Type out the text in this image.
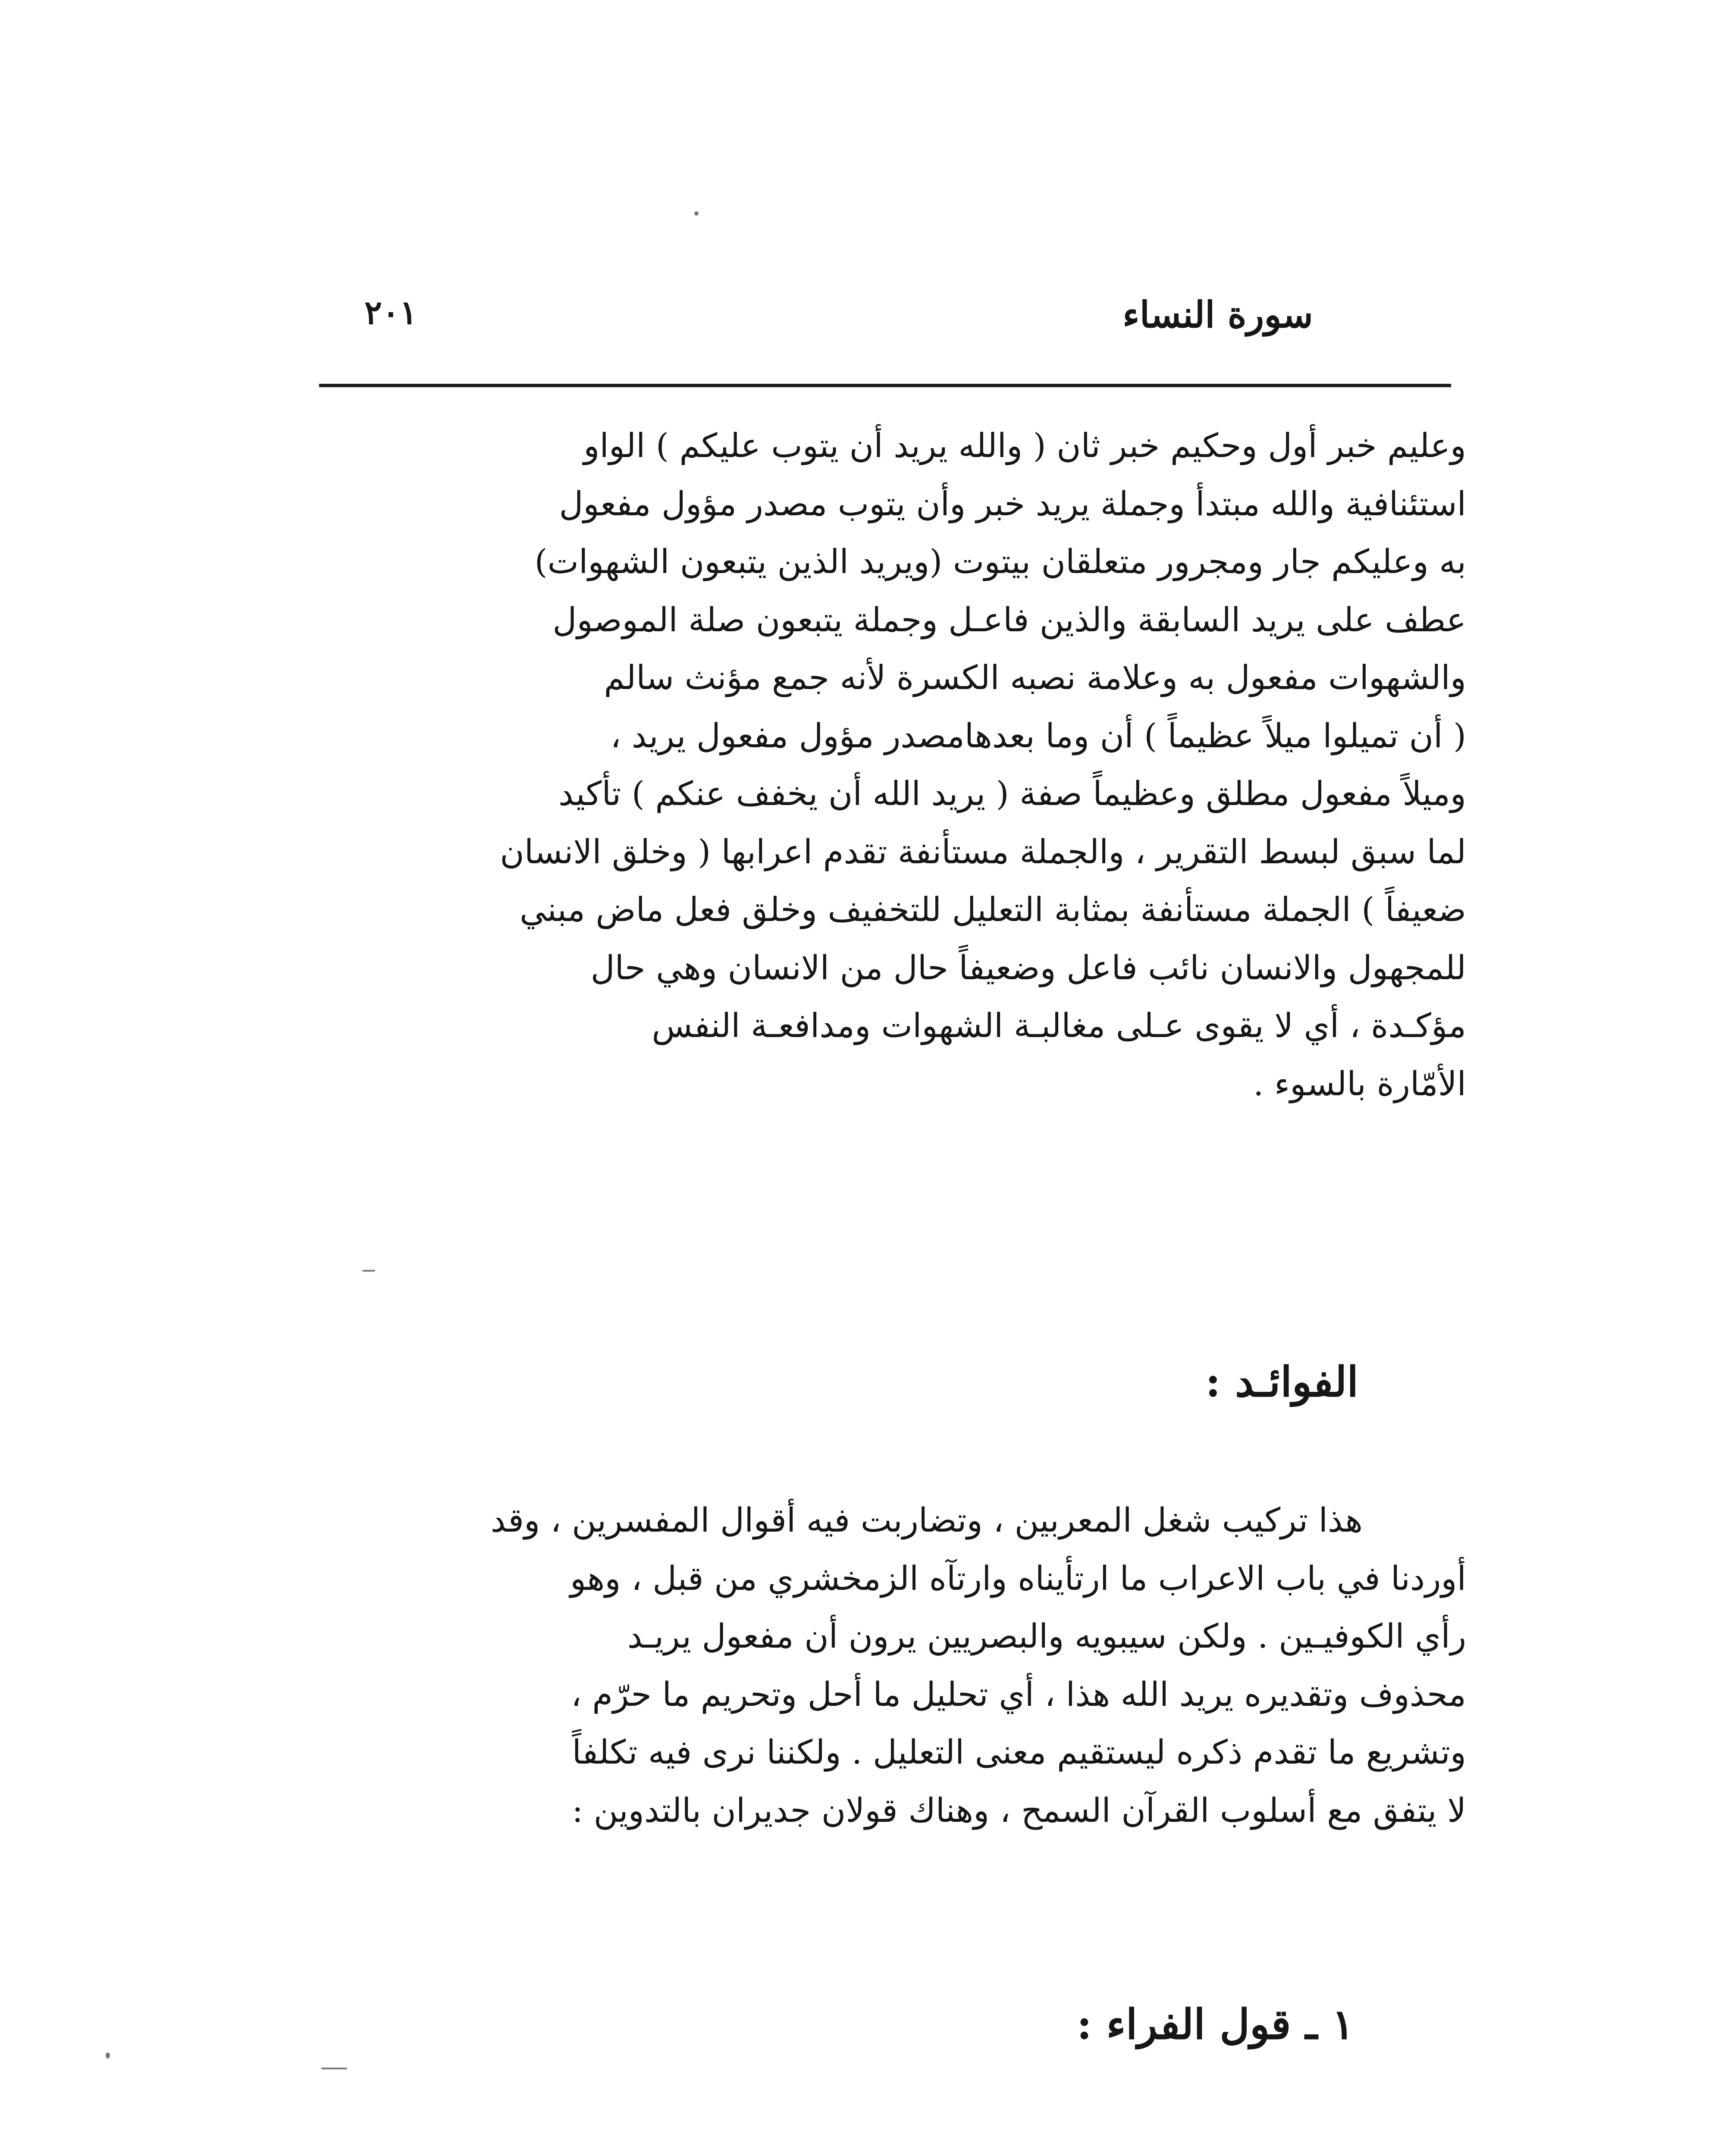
٢٠١	سورة النساء
وعليم خبر أول وحكيم خبر ثان ( والله يريد أن يتوب عليكم ) الواو
استئنافية والله مبتدأ وجملة يريد خبر وأن يتوب مصدر مؤول مفعول
به وعليكم جار ومجرور متعلقان بيتوت (ويريد الذين يتبعون الشهوات)
عطف على يريد السابقة والذين فاعـل وجملة يتبعون صلة الموصول
والشهوات مفعول به وعلامة نصبه الكسرة لأنه جمع مؤنث سالم
( أن تميلوا ميلاً عظيماً ) أن وما بعدهامصدر مؤول مفعول يريد ،
وميلاً مفعول مطلق وعظيماً صفة ( يريد الله أن يخفف عنكم ) تأكيد
لما سبق لبسط التقرير ، والجملة مستأنفة تقدم اعرابها ( وخلق الانسان
ضعيفاً ) الجملة مستأنفة بمثابة التعليل للتخفيف وخلق فعل ماض مبني
للمجهول والانسان نائب فاعل وضعيفاً حال من الانسان وهي حال
مؤكـدة ، أي لا يقوى عـلى مغالبـة الشهوات ومدافعـة النفس
الأمّارة بالسوء .
الفوائـد :
هذا تركيب شغل المعربين ، وتضاربت فيه أقوال المفسرين ، وقد
أوردنا في باب الاعراب ما ارتأيناه وارتآه الزمخشري من قبل ، وهو
رأي الكوفيـين . ولكن سيبويه والبصريين يرون أن مفعول يريـد
محذوف وتقديره يريد الله هذا ، أي تحليل ما أحل وتحريم ما حرّم ،
وتشريع ما تقدم ذكره ليستقيم معنى التعليل . ولكننا نرى فيه تكلفاً
لا يتفق مع أسلوب القرآن السمح ، وهناك قولان جديران بالتدوين :
١ ـ قول الفراء :
